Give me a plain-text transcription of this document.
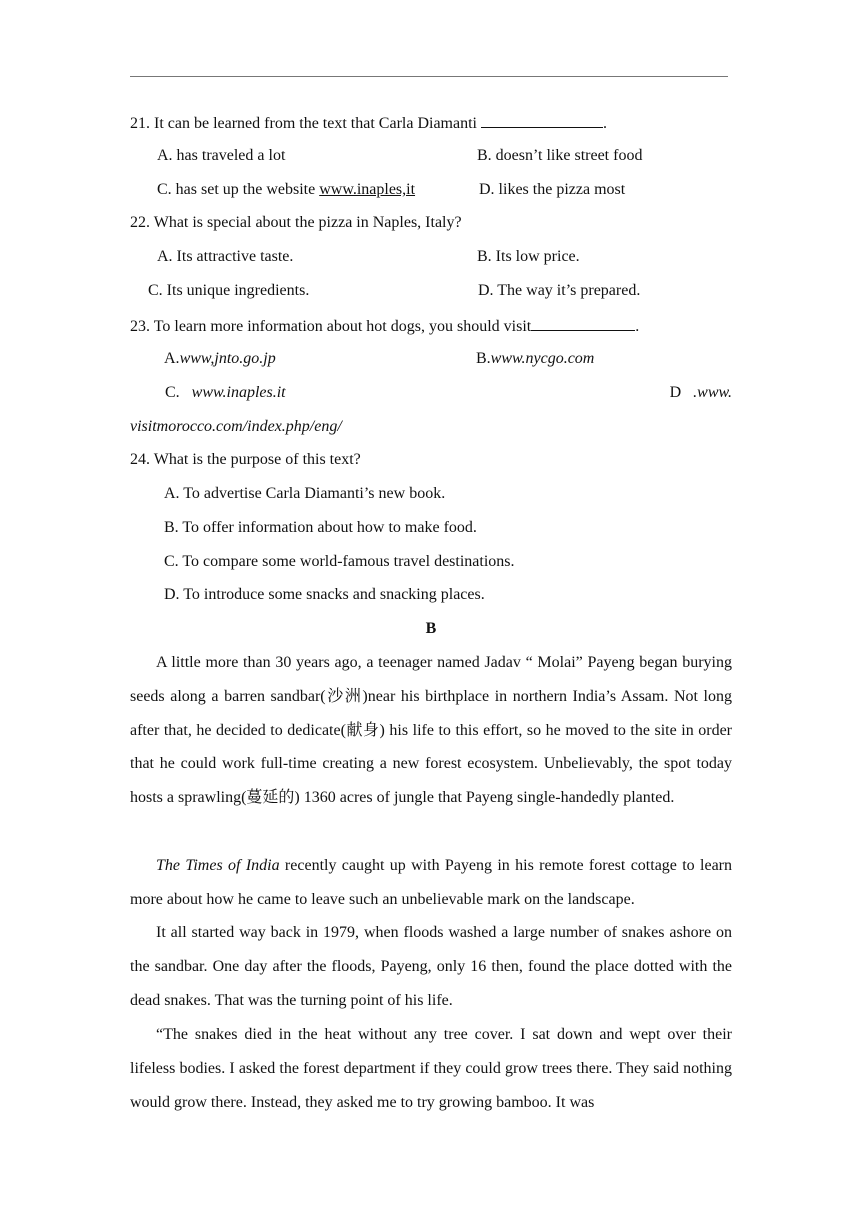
21. It can be learned from the text that Carla Diamanti	.
A. has traveled a lot	B. doesn’t like street food
C. has set up the website www.inaples,it	D. likes the pizza most
22. What is special about the pizza in Naples, Italy?
A. Its attractive taste.	B. Its low price.
C. Its unique ingredients.	D. The way it’s prepared.
23. To learn more information about hot dogs, you should visit	.
A.www,jnto.go.jp	B.www.nycgo.com
C. www.inaples.it	D .www.
visitmorocco.com/index.php/eng/
24. What is the purpose of this text?
A. To advertise Carla Diamanti’s new book.
B. To offer information about how to make food.
C. To compare some world-famous travel destinations.
D. To introduce some snacks and snacking places.
B

A little more than 30 years ago, a teenager named Jadav “ Molai” Payeng began burying seeds along a barren sandbar(沙洲)near his birthplace in northern India’s Assam. Not long after that, he decided to dedicate(献身) his life to this effort, so he moved to the site in order that he could work full-time creating a new forest ecosystem. Unbelievably, the spot today hosts a sprawling(蔓延的) 1360 acres of jungle that Payeng single-handedly planted.

The Times of India recently caught up with Payeng in his remote forest cottage to learn more about how he came to leave such an unbelievable mark on the landscape.

It all started way back in 1979, when floods washed a large number of snakes ashore on the sandbar. One day after the floods, Payeng, only 16 then, found the place dotted with the dead snakes. That was the turning point of his life.

“The snakes died in the heat without any tree cover. I sat down and wept over their lifeless bodies. I asked the forest department if they could grow trees there. They said nothing would grow there. Instead, they asked me to try growing bamboo. It was
